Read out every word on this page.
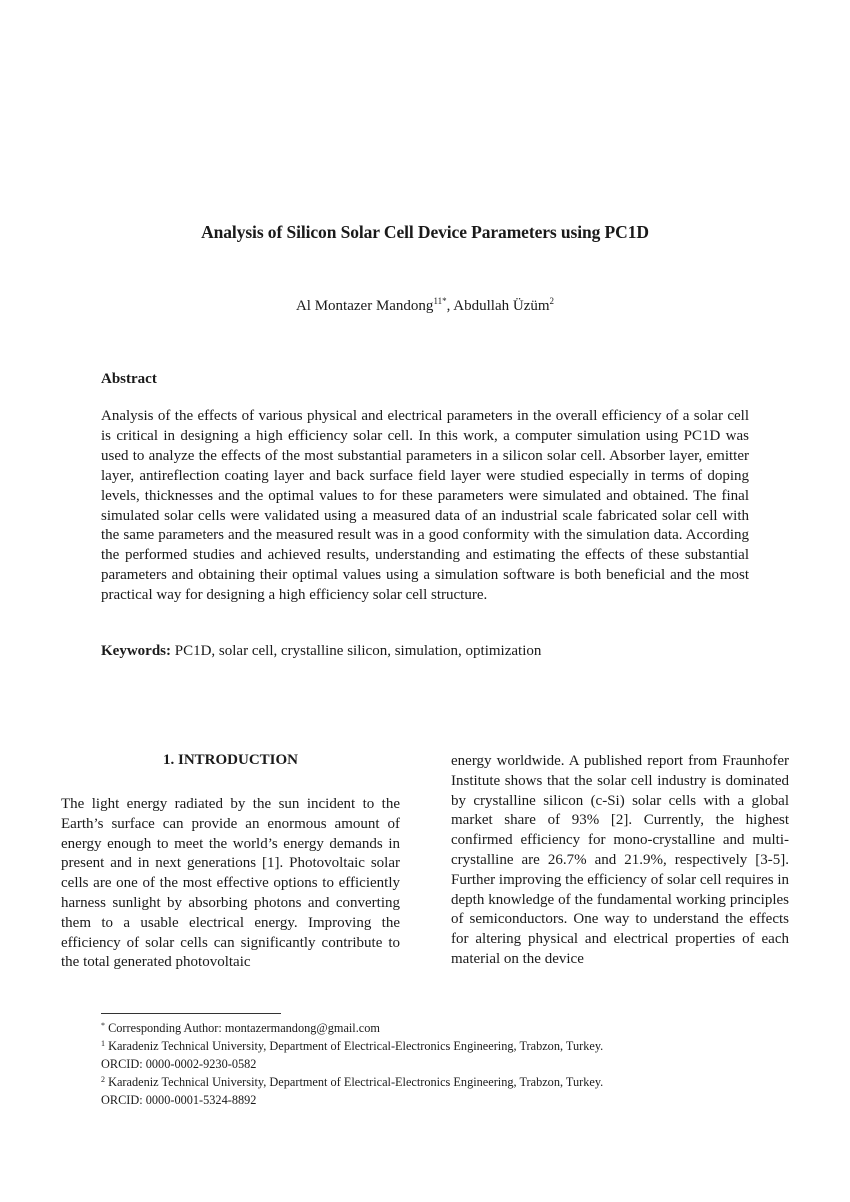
Analysis of Silicon Solar Cell Device Parameters using PC1D
Al Montazer Mandong$^{11*}$, Abdullah Üzüm$^2$
Abstract

Analysis of the effects of various physical and electrical parameters in the overall efficiency of a solar cell is critical in designing a high efficiency solar cell. In this work, a computer simulation using PC1D was used to analyze the effects of the most substantial parameters in a silicon solar cell. Absorber layer, emitter layer, antireflection coating layer and back surface field layer were studied especially in terms of doping levels, thicknesses and the optimal values to for these parameters were simulated and obtained. The final simulated solar cells were validated using a measured data of an industrial scale fabricated solar cell with the same parameters and the measured result was in a good conformity with the simulation data. According the performed studies and achieved results, understanding and estimating the effects of these substantial parameters and obtaining their optimal values using a simulation software is both beneficial and the most practical way for designing a high efficiency solar cell structure.

Keywords: PC1D, solar cell, crystalline silicon, simulation, optimization
1. INTRODUCTION

The light energy radiated by the sun incident to the Earth’s surface can provide an enormous amount of energy enough to meet the world’s energy demands in present and in next generations [1]. Photovoltaic solar cells are one of the most effective options to efficiently harness sunlight by absorbing photons and converting them to a usable electrical energy. Improving the efficiency of solar cells can significantly contribute to the total generated photovoltaic

energy worldwide. A published report from Fraunhofer Institute shows that the solar cell industry is dominated by crystalline silicon (c-Si) solar cells with a global market share of 93% [2]. Currently, the highest confirmed efficiency for mono-crystalline and multi-crystalline are 26.7% and 21.9%, respectively [3-5]. Further improving the efficiency of solar cell requires in depth knowledge of the fundamental working principles of semiconductors. One way to understand the effects for altering physical and electrical properties of each material on the device

* Corresponding Author: montazermandong@gmail.com
$^1$ Karadeniz Technical University, Department of Electrical-Electronics Engineering, Trabzon, Turkey.
ORCID: 0000-0002-9230-0582
$^2$ Karadeniz Technical University, Department of Electrical-Electronics Engineering, Trabzon, Turkey.
ORCID: 0000-0001-5324-8892
